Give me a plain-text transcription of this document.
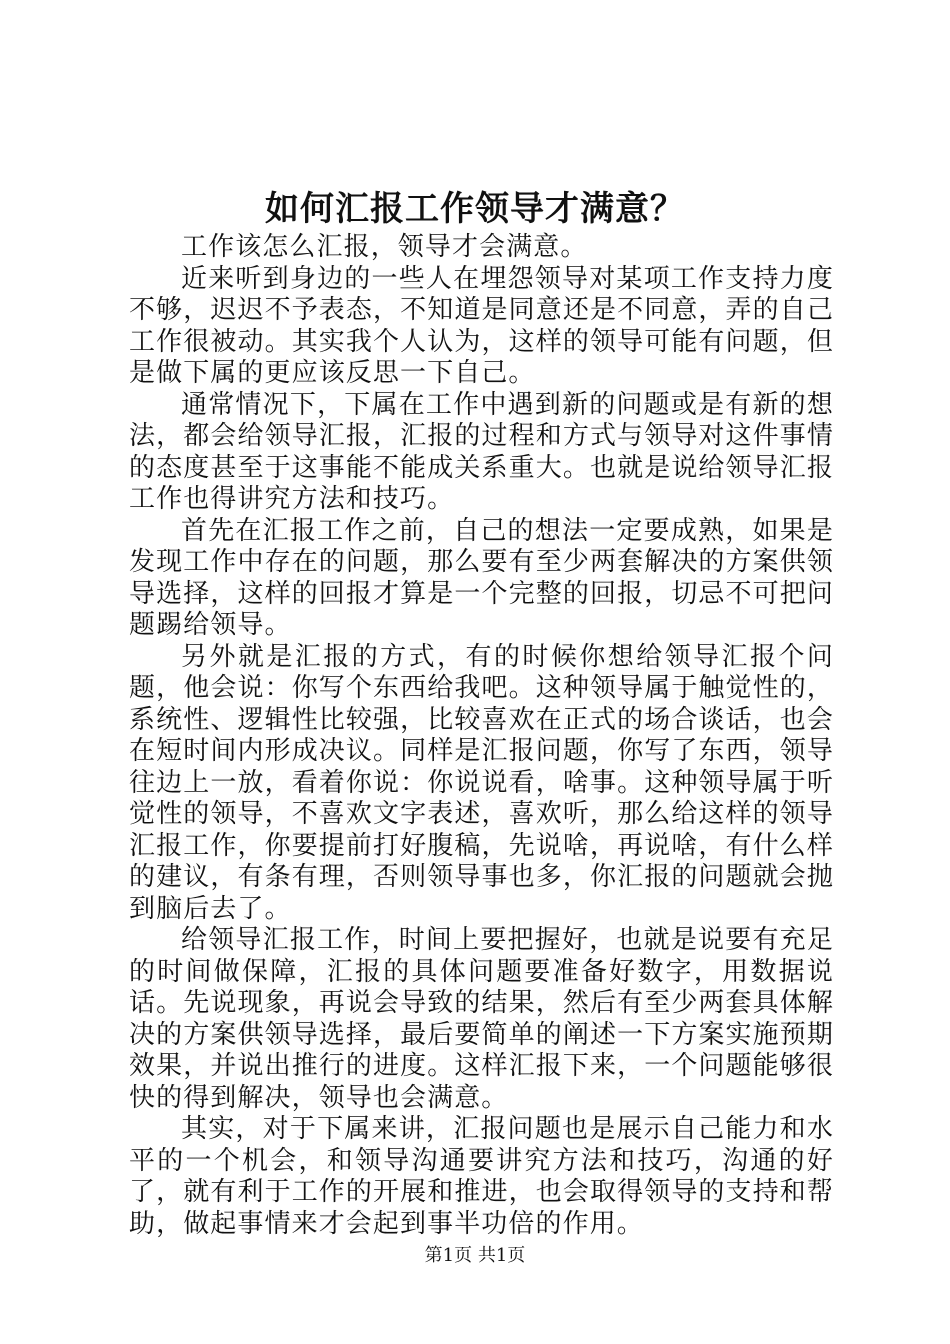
如何汇报工作领导才满意？

工作该怎么汇报，领导才会满意。

近来听到身边的一些人在埋怨领导对某项工作支持力度不够，迟迟不予表态，不知道是同意还是不同意，弄的自己工作很被动。其实我个人认为，这样的领导可能有问题，但是做下属的更应该反思一下自己。

通常情况下，下属在工作中遇到新的问题或是有新的想法，都会给领导汇报，汇报的过程和方式与领导对这件事情的态度甚至于这事能不能成关系重大。也就是说给领导汇报工作也得讲究方法和技巧。

首先在汇报工作之前，自己的想法一定要成熟，如果是发现工作中存在的问题，那么要有至少两套解决的方案供领导选择，这样的回报才算是一个完整的回报，切忌不可把问题踢给领导。

另外就是汇报的方式，有的时候你想给领导汇报个问题，他会说：你写个东西给我吧。这种领导属于触觉性的，系统性、逻辑性比较强，比较喜欢在正式的场合谈话，也会在短时间内形成决议。同样是汇报问题，你写了东西，领导往边上一放，看着你说：你说说看，啥事。这种领导属于听觉性的领导，不喜欢文字表述，喜欢听，那么给这样的领导汇报工作，你要提前打好腹稿，先说啥，再说啥，有什么样的建议，有条有理，否则领导事也多，你汇报的问题就会抛到脑后去了。

给领导汇报工作，时间上要把握好，也就是说要有充足的时间做保障，汇报的具体问题要准备好数字，用数据说话。先说现象，再说会导致的结果，然后有至少两套具体解决的方案供领导选择，最后要简单的阐述一下方案实施预期效果，并说出推行的进度。这样汇报下来，一个问题能够很快的得到解决，领导也会满意。

其实，对于下属来讲，汇报问题也是展示自己能力和水平的一个机会，和领导沟通要讲究方法和技巧，沟通的好了，就有利于工作的开展和推进，也会取得领导的支持和帮助，做起事情来才会起到事半功倍的作用。

第1页 共1页
